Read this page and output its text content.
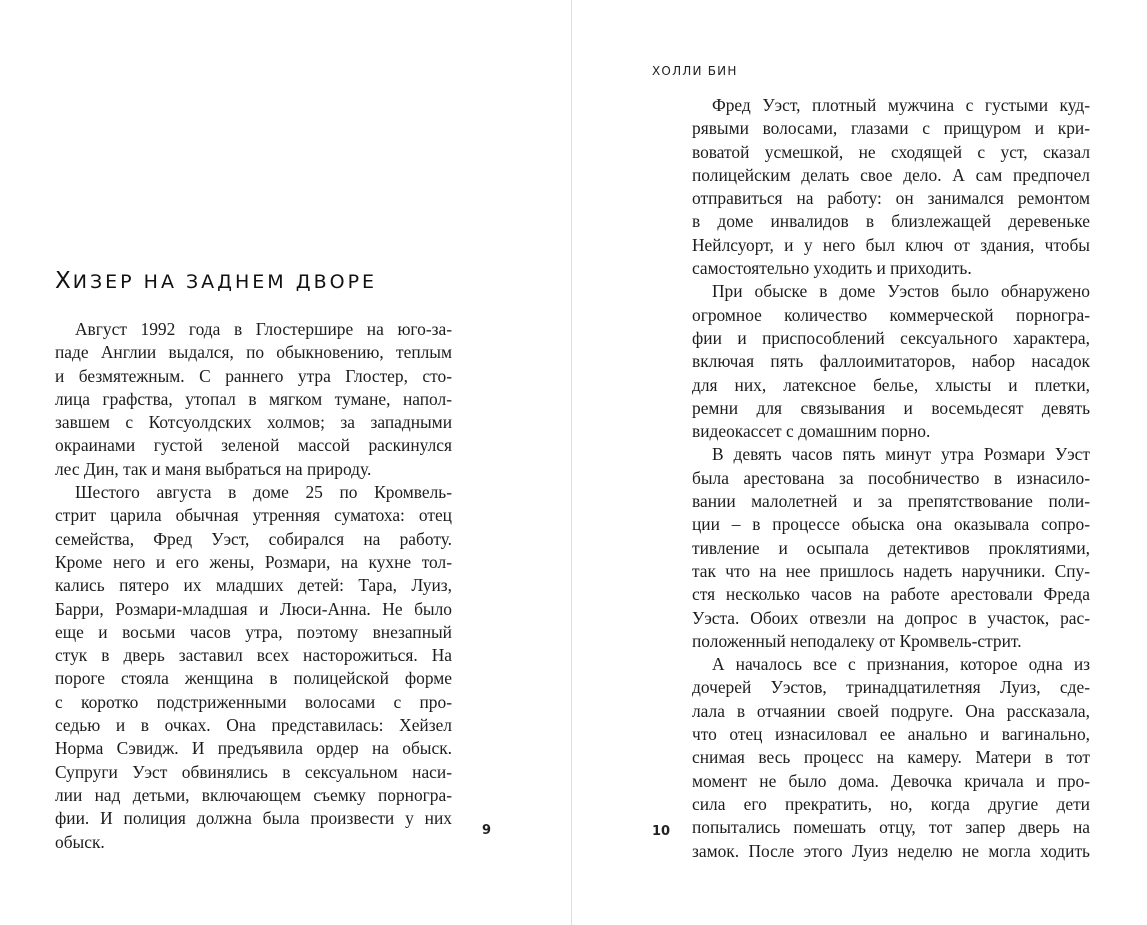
ХИЗЕР НА ЗАДНЕМ ДВОРЕ
Август 1992 года в Глостершире на юго-за-
паде Англии выдался, по обыкновению, теплым
и безмятежным. С раннего утра Глостер, сто-
лица графства, утопал в мягком тумане, напол-
завшем с Котсуолдских холмов; за западными
окраинами густой зеленой массой раскинулся
лес Дин, так и маня выбраться на природу.
Шестого августа в доме 25 по Кромвель-
стрит царила обычная утренняя суматоха: отец
семейства, Фред Уэст, собирался на работу.
Кроме него и его жены, Розмари, на кухне тол-
кались пятеро их младших детей: Тара, Луиз,
Барри, Розмари-младшая и Люси-Анна. Не было
еще и восьми часов утра, поэтому внезапный
стук в дверь заставил всех насторожиться. На
пороге стояла женщина в полицейской форме
с коротко подстриженными волосами с про-
седью и в очках. Она представилась: Хейзел
Норма Сэвидж. И предъявила ордер на обыск.
Супруги Уэст обвинялись в сексуальном наси-
лии над детьми, включающем съемку порногра-
фии. И полиция должна была произвести у них
обыск.
9
ХОЛЛИ БИН
Фред Уэст, плотный мужчина с густыми куд-
рявыми волосами, глазами с прищуром и кри-
воватой усмешкой, не сходящей с уст, сказал
полицейским делать свое дело. А сам предпочел
отправиться на работу: он занимался ремонтом
в доме инвалидов в близлежащей деревеньке
Нейлсуорт, и у него был ключ от здания, чтобы
самостоятельно уходить и приходить.
При обыске в доме Уэстов было обнаружено
огромное количество коммерческой порногра-
фии и приспособлений сексуального характера,
включая пять фаллоимитаторов, набор насадок
для них, латексное белье, хлысты и плетки,
ремни для связывания и восемьдесят девять
видеокассет с домашним порно.
В девять часов пять минут утра Розмари Уэст
была арестована за пособничество в изнасило-
вании малолетней и за препятствование поли-
ции – в процессе обыска она оказывала сопро-
тивление и осыпала детективов проклятиями,
так что на нее пришлось надеть наручники. Спу-
стя несколько часов на работе арестовали Фреда
Уэста. Обоих отвезли на допрос в участок, рас-
положенный неподалеку от Кромвель-стрит.
А началось все с признания, которое одна из
дочерей Уэстов, тринадцатилетняя Луиз, сде-
лала в отчаянии своей подруге. Она рассказала,
что отец изнасиловал ее анально и вагинально,
снимая весь процесс на камеру. Матери в тот
момент не было дома. Девочка кричала и про-
сила его прекратить, но, когда другие дети
попытались помешать отцу, тот запер дверь на
замок. После этого Луиз неделю не могла ходить
10
